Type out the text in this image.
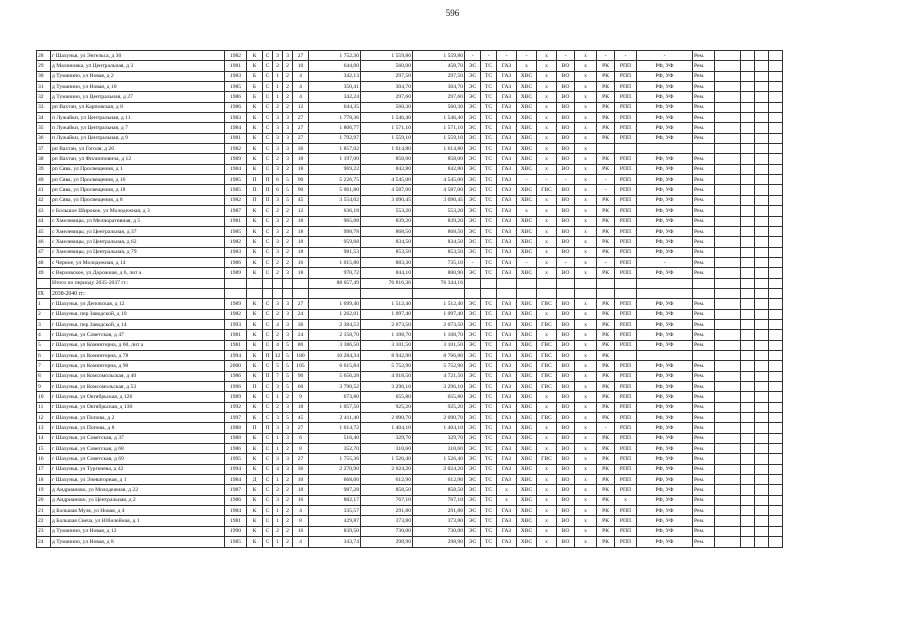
596
28	г Шахунья, ул Энгельса, д 30	1982	К	С	3	3	27	1 752,30	1 559,80	1 559,80	-	-	-	-	x	-	x	-	-	-	Рем.				
29	д Малиновка, ул Центральная, д 3	1981	К	С	2	2	10	644,00	560,00	458,70	ЭС	ТС	ГАЗ	x	x	ВО	x	РК	РПП	РФ, УФ	Рем.				
30	д Туманино, ул Новая, д 2	1983	Б	С	1	2	4	342,13	297,50	297,50	ЭС	ТС	ГАЗ	ХВС	x	ВО	x	РК	РПП	РФ, УФ	Рем.				
31	д Туманино, ул Новая, д 10	1985	Б	С	1	2	4	350,41	304,70	304,70	ЭС	ТС	ГАЗ	ХВС	x	ВО	x	РК	РПП	РФ, УФ	Рем.				
32	д Туманино, ул Центральная, д 27	1986	Б	С	1	2	4	342,24	297,60	297,60	ЭС	ТС	ГАЗ	ХВС	x	ВО	x	РК	РПП	РФ, УФ	Рем.				
33	рп Вахтан, ул Карповская, д 8	1986	К	С	2	2	12	644,35	560,30	560,30	ЭС	ТС	ГАЗ	ХВС	x	ВО	x	РК	РПП	РФ, УФ	Рем.				
34	п Лужайки, ул Центральная, д 11	1983	К	С	3	3	27	1 778,36	1 546,40	1 546,40	ЭС	ТС	ГАЗ	ХВС	x	ВО	x	РК	РПП	РФ, УФ	Рем.				
35	п Лужайки, ул Центральная, д 7	1984	К	С	3	3	27	1 806,77	1 571,10	1 571,10	ЭС	ТС	ГАЗ	ХВС	x	ВО	x	РК	РПП	РФ, УФ	Рем.				
36	п Лужайки, ул Центральная, д 9	1981	К	С	3	3	27	1 792,97	1 559,10	1 559,10	ЭС	ТС	ГАЗ	ХВС	x	ВО	x	РК	РПП	РФ, УФ	Рем.				
37	рп Вахтан, ул Гоголя, д 26	1982	К	С	3	3	36	1 857,02	1 614,80	1 614,80	ЭС	ТС	ГАЗ	ХВС	x	ВО	x								
38	рп Вахтан, ул Филипповича, д 12	1989	К	С	2	3	18	1 197,00	858,00	858,00	ЭС	ТС	ГАЗ	ХВС	x	ВО	x	РК	РПП	РФ, УФ	Рем.				
39	рп Сява, ул Просвещения, д 1	1984	К	С	3	2	18	969,22	842,80	842,80	ЭС	ТС	ГАЗ	ХВС	x	ВО	x	РК	РПП	РФ, УФ	Рем.				
40	рп Сява, ул Просвещения, д 16	1985	П	П	6	5	90	5 226,75	4 545,00	4 545,00	ЭС	ТС	ГАЗ	-	-	-	x	-	РПП	РФ, УФ	Рем.				
41	рп Сява, ул Просвещения, д 18	1985	П	П	6	5	90	5 061,80	4 587,00	4 587,00	ЭС	ТС	ГАЗ	ХВС	ГВС	ВО	x	-	РПП	РФ, УФ	Рем.				
42	рп Сява, ул Просвещения, д 8	1982	П	П	3	5	45	3 554,02	3 090,45	3 090,45	ЭС	ТС	ГАЗ	ХВС	x	ВО	x	РК	РПП	РФ, УФ	Рем.				
43	с Большое Широкое, ул Молодежная, д 3	1987	К	С	2	2	12	636,18	553,20	553,20	ЭС	ТС	ГАЗ	x	x	ВО	x	РК	РПП	РФ, УФ	Рем.				
44	с Хмелевицы, ул Мелиоративная, д 5	1981	К	С	3	2	18	965,08	839,20	839,20	ЭС	ТС	ГАЗ	ХВС	x	ВО	x	РК	РПП	РФ, УФ	Рем.				
45	с Хмелевицы, ул Центральная, д 37	1985	К	С	3	2	18	998,78	868,50	868,50	ЭС	ТС	ГАЗ	ХВС	x	ВО	x	РК	РПП	РФ, УФ	Рем.				
46	с Хмелевицы, ул Центральная, д 62	1982	К	С	3	2	18	959,68	834,50	834,50	ЭС	ТС	ГАЗ	ХВС	x	ВО	x	РК	РПП	РФ, УФ	Рем.				
47	с Хмелевицы, ул Центральная, д 79	1983	К	С	3	2	18	981,53	853,50	853,50	ЭС	ТС	ГАЗ	ХВС	x	ВО	x	РК	РПП	РФ, УФ	Рем.				
48	с Черное, ул Молодежная, д 14	1986	К	С	2	2	16	1 015,80	883,30	735,10	-	ТС	ГАЗ	-	x	-	x	-	РПП	-	Рем.				
49	с Верховское, ул Дорожная, д 6, лит а	1989	К	С	2	3	18	970,72	844,10	800,90	ЭС	ТС	ГАЗ	ХВС	x	ВО	x	РК	РПП	РФ, УФ	Рем.				
	Итого по периоду 2035-2037 гг.:							88 657,49	76 816,36	76 344,16															
IX	2038-2040 гг.:																								
1	г Шахунья, ул Деповская, д 12	1989	К	С	3	3	27	1 699,40	1 512,40	1 512,40	ЭС	ТС	ГАЗ	ХВС	ГВС	ВО	x	РК	РПП	РФ, УФ	Рем.				
2	г Шахунья, пер Заводской, д 10	1982	К	С	2	3	24	1 262,01	1 097,40	1 097,40	ЭС	ТС	ГАЗ	ХВС	x	ВО	x	РК	РПП	РФ, УФ	Рем.				
3	г Шахунья, пер Заводской, д 14	1993	К	С	4	3	36	2 384,53	2 073,50	2 073,50	ЭС	ТС	ГАЗ	ХВС	ГВС	ВО	x	РК	РПП	РФ, УФ	Рем.				
4	г Шахунья, ул Советская, д 47	1981	К	С	2	3	24	2 158,70	1 108,70	1 108,70	ЭС	ТС	ГАЗ	ХВС	x	ВО	x	РК	РПП	РФ, УФ	Рем.				
5	г Шахунья, ул Коминтерна, д 60, лит а	1981	К	С	4	5	80	3 386,50	3 101,50	3 101,50	ЭС	ТС	ГАЗ	ХВС	ГВС	ВО	x	РК	РПП	РФ, УФ	Рем.				
6	г Шахунья, ул Коминтерна, д 78	1994	К	П	12	5	180	10 284,34	8 942,90	8 766,80	ЭС	ТС	ГАЗ	ХВС	ГВС	ВО	x	РК							
7	г Шахунья, ул Коминтерна, д 90	2000	К	С	5	5	105	6 615,84	5 752,90	5 752,90	ЭС	ТС	ГАЗ	ХВС	ГВС	ВО	x	РК	РПП	РФ, УФ	Рем.				
8	г Шахунья, ул Комсомольская, д 40	1986	К	П	7	5	90	5 656,28	4 918,50	4 721,50	ЭС	ТС	ГАЗ	ХВС	ГВС	ВО	x	РК	РПП	РФ, УФ	Рем.				
9	г Шахунья, ул Комсомольская, д 53	1996	П	С	3	5	60	3 790,52	3 296,10	3 296,10	ЭС	ТС	ГАЗ	ХВС	ГВС	ВО	x	РК	РПП	РФ, УФ	Рем.				
10	г Шахунья, ул Октябрьская, д 126	1989	К	С	1	2	9	673,80	655,80	655,80	ЭС	ТС	ГАЗ	ХВС	x	ВО	x	РК	РПП	РФ, УФ	Рем.				
11	г Шахунья, ул Октябрьская, д 130	1992	К	С	2	3	18	1 057,50	925,20	925,20	ЭС	ТС	ГАЗ	ХВС	x	ВО	x	РК	РПП	РФ, УФ	Рем.				
12	г Шахунья, ул Попова, д 2	1997	К	С	3	5	45	2 411,40	2 090,70	2 090,70	ЭС	ТС	ГАЗ	ХВС	ГВС	ВО	x	РК	РПП	РФ, УФ	Рем.				
13	г Шахунья, ул Попова, д 8	1988	П	П	3	3	27	1 614,72	1 404,10	1 404,10	ЭС	ТС	ГАЗ	ХВС	x	ВО	x	-	РПП	РФ, УФ	Рем.				
14	г Шахунья, ул Советская, д 37	1988	К	С	1	3	6	516,40	329,70	329,70	ЭС	ТС	ГАЗ	ХВС	x	ВО	x	РК	РПП	РФ, УФ	Рем.				
15	г Шахунья, ул Советская, д 68	1986	К	С	1	2	8	352,70	310,60	310,60	ЭС	ТС	ГАЗ	ХВС	x	ВО	x	РК	РПП	РФ, УФ	Рем.				
16	г Шахунья, ул Советская, д 69	1995	К	С	3	3	27	1 755,36	1 526,40	1 526,40	ЭС	ТС	ГАЗ	ХВС	ГВС	ВО	x	РК	РПП	РФ, УФ	Рем.				
17	г Шахунья, ул Тургенева, д 42	1994	К	С	4	3	36	2 270,90	2 024,20	2 024,20	ЭС	ТС	ГАЗ	ХВС	x	ВО	x	РК	РПП	РФ, УФ	Рем.				
18	г Шахунья, ул Элеваторная, д 1	1984	Д	С	1	2	10	668,06	612,90	612,90	ЭС	ТС	ГАЗ	ХВС	x	ВО	x	РК	РПП	РФ, УФ	Рем.				
19	д Андрианово, ул Молодежная, д 22	1987	К	С	2	2	18	987,28	858,50	858,50	ЭС	ТС	x	ХВС	x	ВО	x	РК	РПП	РФ, УФ	Рем.				
20	д Андрианово, ул Центральная, д 2	1986	К	С	3	2	16	882,17	767,10	767,10	ЭС	ТС	x	ХВС	x	ВО	x	РК	x	РФ, УФ	Рем.				
21	д Большая Музя, ул Новая, д 4	1984	К	С	1	2	4	335,57	291,80	291,80	ЭС	ТС	ГАЗ	ХВС	x	ВО	x	РК	РПП	РФ, УФ	Рем.				
22	д Большая Свеча, ул Юбилейная, д 1	1981	К	С	1	2	8	429,87	373,80	373,80	ЭС	ТС	ГАЗ	ХВС	x	ВО	x	РК	РПП	РФ, УФ	Рем.				
23	д Туманино, ул Новая, д 12	1990	К	С	2	2	16	839,50	730,00	730,00	ЭС	ТС	ГАЗ	ХВС	x	ВО	x	РК	РПП	РФ, УФ	Рем.				
24	д Туманино, ул Новая, д 8	1985	К	С	1	2	4	343,74	298,90	298,90	ЭС	ТС	ГАЗ	ХВС	x	ВО	x	РК	РПП	РФ, УФ	Рем.				
